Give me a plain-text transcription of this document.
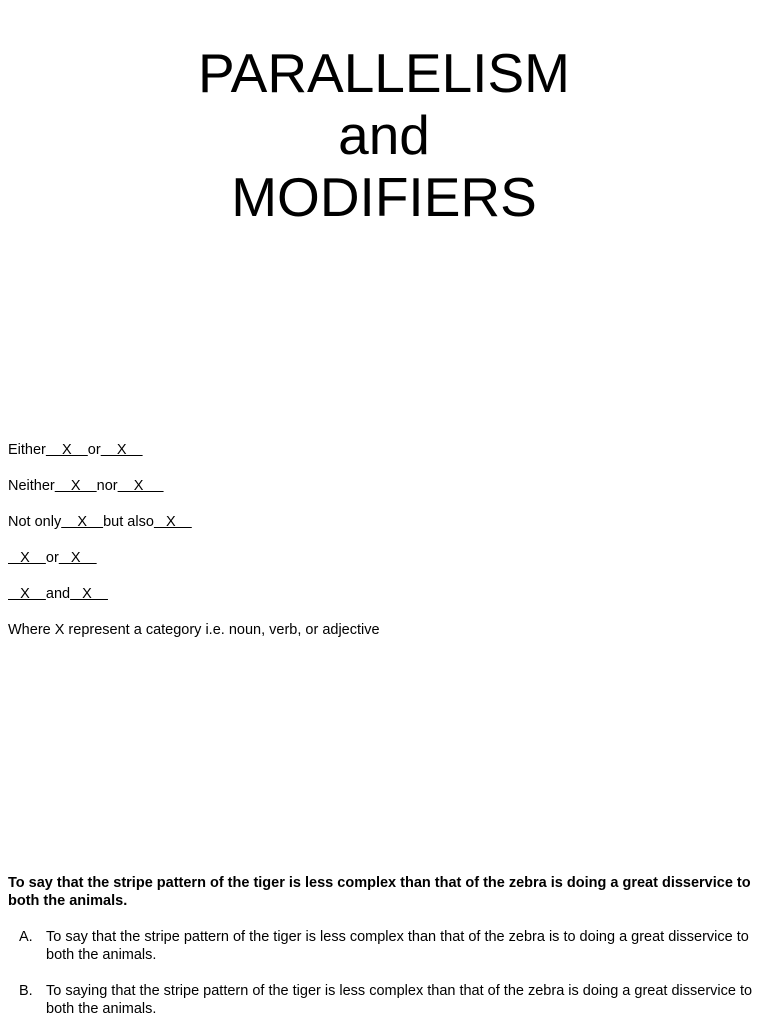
PARALLELISM
and
MODIFIERS
Either    X    or    X
Neither    X    nor    X
Not only    X    but also   X
X    or   X
X    and   X
Where X represent a category i.e. noun, verb, or adjective
To say that the stripe pattern of the tiger is less complex than that of the zebra is doing a great disservice to both the animals.
A. To say that the stripe pattern of the tiger is less complex than that of the zebra is to doing a great disservice to both the animals.
B. To saying that the stripe pattern of the tiger is less complex than that of the zebra is doing a great disservice to both the animals.
